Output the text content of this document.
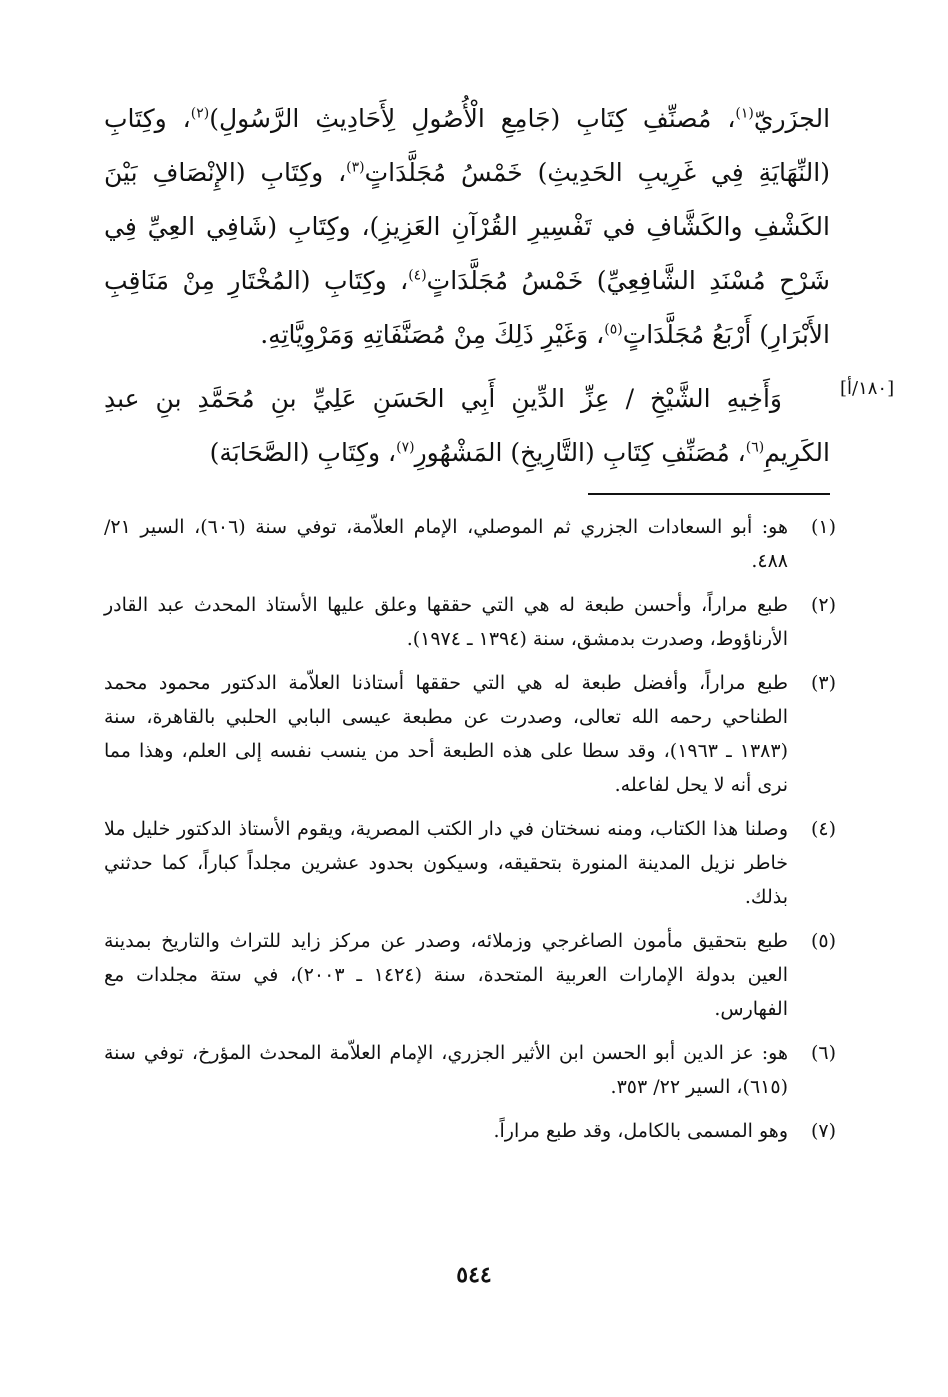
الجزَريّ$^{(١)}$، مُصنِّفِ كِتَابِ (جَامِعِ الْأُصُولِ لِأَحَادِيثِ الرَّسُولِ)$^{(٢)}$، وكِتَابِ (النِّهَايَةِ فِي غَرِيبِ الحَدِيثِ) خَمْسُ مُجَلَّدَاتٍ$^{(٣)}$، وكِتَابِ (الإِنْصَافِ بَيْنَ الكَشْفِ والكَشَّافِ في تَفْسِيرِ القُرْآنِ العَزِيزِ)، وكِتَابِ (شَافِي العِيِّ فِي شَرْحِ مُسْنَدِ الشَّافِعِيِّ) خَمْسُ مُجَلَّدَاتٍ$^{(٤)}$، وكِتَابِ (المُخْتَارِ مِنْ مَنَاقِبِ الأَبْرَارِ) أَرْبَعُ مُجَلَّدَاتٍ$^{(٥)}$، وَغَيْرِ ذَلِكَ مِنْ مُصَنَّفَاتِهِ وَمَرْوِيَّاتِهِ.

وَأَخِيهِ الشَّيْخِ / عِزِّ الدِّينِ أَبِي الحَسَنِ عَلِيِّ بنِ مُحَمَّدِ بنِ عبدِ الكَرِيمِ$^{(٦)}$، مُصَنِّفِ كِتَابِ (التَّارِيخِ) المَشْهُورِ$^{(٧)}$، وكِتَابِ (الصَّحَابَة)

[١٨٠/أ]
(١)
هو: أبو السعادات الجزري ثم الموصلي، الإمام العلاّمة، توفي سنة (٦٠٦)، السير ٢١/ ٤٨٨.
(٢)
طبع مراراً، وأحسن طبعة له هي التي حققها وعلق عليها الأستاذ المحدث عبد القادر الأرناؤوط، وصدرت بدمشق، سنة (١٣٩٤ ـ ١٩٧٤).
(٣)
طبع مراراً، وأفضل طبعة له هي التي حققها أستاذنا العلاّمة الدكتور محمود محمد الطناحي رحمه الله تعالى، وصدرت عن مطبعة عيسى البابي الحلبي بالقاهرة، سنة (١٣٨٣ ـ ١٩٦٣)، وقد سطا على هذه الطبعة أحد من ينسب نفسه إلى العلم، وهذا مما نرى أنه لا يحل لفاعله.
(٤)
وصلنا هذا الكتاب، ومنه نسختان في دار الكتب المصرية، ويقوم الأستاذ الدكتور خليل ملا خاطر نزيل المدينة المنورة بتحقيقه، وسيكون بحدود عشرين مجلداً كباراً، كما حدثني بذلك.
(٥)
طبع بتحقيق مأمون الصاغرجي وزملائه، وصدر عن مركز زايد للتراث والتاريخ بمدينة العين بدولة الإمارات العربية المتحدة، سنة (١٤٢٤ ـ ٢٠٠٣)، في ستة مجلدات مع الفهارس.
(٦)
هو: عز الدين أبو الحسن ابن الأثير الجزري، الإمام العلاّمة المحدث المؤرخ، توفي سنة (٦١٥)، السير ٢٢/ ٣٥٣.
(٧)
وهو المسمى بالكامل، وقد طبع مراراً.
٥٤٤
